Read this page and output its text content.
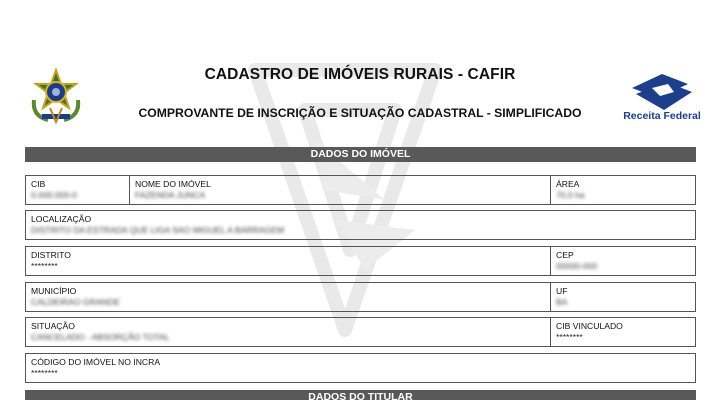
CADASTRO DE IMÓVEIS RURAIS - CAFIR
COMPROVANTE DE INSCRIÇÃO E SITUAÇÃO CADASTRAL - SIMPLIFICADO	Receita Federal
DADOS DO IMÓVEL
CIB
0.000.000-0
NOME DO IMÓVEL
FAZENDA JUNCA
ÁREA
70,0 ha
LOCALIZAÇÃO
DISTRITO DA ESTRADA QUE LIGA SAO MIGUEL A BARRAGEM
DISTRITO
********
CEP
00000-000
MUNICÍPIO
CALDEIRAO GRANDE
UF
BA
SITUAÇÃO
CANCELADO - ABSORÇÃO TOTAL
CIB VINCULADO
********
CÓDIGO DO IMÓVEL NO INCRA
********
DADOS DO TITULAR
